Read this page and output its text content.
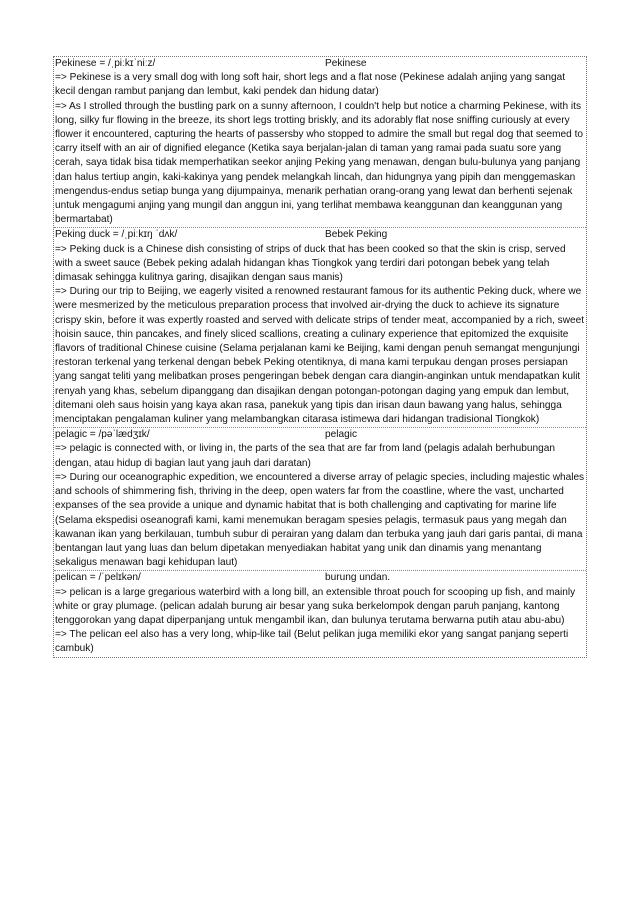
Pekinese = /ˌpiːkɪˈniːz/	Pekinese
=> Pekinese is a very small dog with long soft hair, short legs and a flat nose (Pekinese adalah anjing yang sangat kecil dengan rambut panjang dan lembut, kaki pendek dan hidung datar)
=> As I strolled through the bustling park on a sunny afternoon, I couldn't help but notice a charming Pekinese, with its long, silky fur flowing in the breeze, its short legs trotting briskly, and its adorably flat nose sniffing curiously at every flower it encountered, capturing the hearts of passersby who stopped to admire the small but regal dog that seemed to carry itself with an air of dignified elegance (Ketika saya berjalan-jalan di taman yang ramai pada suatu sore yang cerah, saya tidak bisa tidak memperhatikan seekor anjing Peking yang menawan, dengan bulu-bulunya yang panjang dan halus tertiup angin, kaki-kakinya yang pendek melangkah lincah, dan hidungnya yang pipih dan menggemaskan mengendus-endus setiap bunga yang dijumpainya, menarik perhatian orang-orang yang lewat dan berhenti sejenak untuk mengagumi anjing yang mungil dan anggun ini, yang terlihat membawa keanggunan dan keanggunan yang bermartabat)
Peking duck = /ˌpiːkɪŋ ˈdʌk/	Bebek Peking
=> Peking duck is a Chinese dish consisting of strips of duck that has been cooked so that the skin is crisp, served with a sweet sauce (Bebek peking adalah hidangan khas Tiongkok yang terdiri dari potongan bebek yang telah dimasak sehingga kulitnya garing, disajikan dengan saus manis)
=> During our trip to Beijing, we eagerly visited a renowned restaurant famous for its authentic Peking duck, where we were mesmerized by the meticulous preparation process that involved air-drying the duck to achieve its signature crispy skin, before it was expertly roasted and served with delicate strips of tender meat, accompanied by a rich, sweet hoisin sauce, thin pancakes, and finely sliced scallions, creating a culinary experience that epitomized the exquisite flavors of traditional Chinese cuisine (Selama perjalanan kami ke Beijing, kami dengan penuh semangat mengunjungi restoran terkenal yang terkenal dengan bebek Peking otentiknya, di mana kami terpukau dengan proses persiapan yang sangat teliti yang melibatkan proses pengeringan bebek dengan cara diangin-anginkan untuk mendapatkan kulit renyah yang khas, sebelum dipanggang dan disajikan dengan potongan-potongan daging yang empuk dan lembut, ditemani oleh saus hoisin yang kaya akan rasa, panekuk yang tipis dan irisan daun bawang yang halus, sehingga menciptakan pengalaman kuliner yang melambangkan citarasa istimewa dari hidangan tradisional Tiongkok)
pelagic = /pəˈlædʒɪk/	pelagic
=> pelagic is connected with, or living in, the parts of the sea that are far from land (pelagis adalah berhubungan dengan, atau hidup di bagian laut yang jauh dari daratan)
=> During our oceanographic expedition, we encountered a diverse array of pelagic species, including majestic whales and schools of shimmering fish, thriving in the deep, open waters far from the coastline, where the vast, uncharted expanses of the sea provide a unique and dynamic habitat that is both challenging and captivating for marine life (Selama ekspedisi oseanografi kami, kami menemukan beragam spesies pelagis, termasuk paus yang megah dan kawanan ikan yang berkilauan, tumbuh subur di perairan yang dalam dan terbuka yang jauh dari garis pantai, di mana bentangan laut yang luas dan belum dipetakan menyediakan habitat yang unik dan dinamis yang menantang sekaligus menawan bagi kehidupan laut)
pelican = /ˈpelɪkən/	burung undan.
=> pelican is a large gregarious waterbird with a long bill, an extensible throat pouch for scooping up fish, and mainly white or gray plumage. (pelican adalah burung air besar yang suka berkelompok dengan paruh panjang, kantong tenggorokan yang dapat diperpanjang untuk mengambil ikan, dan bulunya terutama berwarna putih atau abu-abu)
=> The pelican eel also has a very long, whip-like tail (Belut pelikan juga memiliki ekor yang sangat panjang seperti cambuk)
